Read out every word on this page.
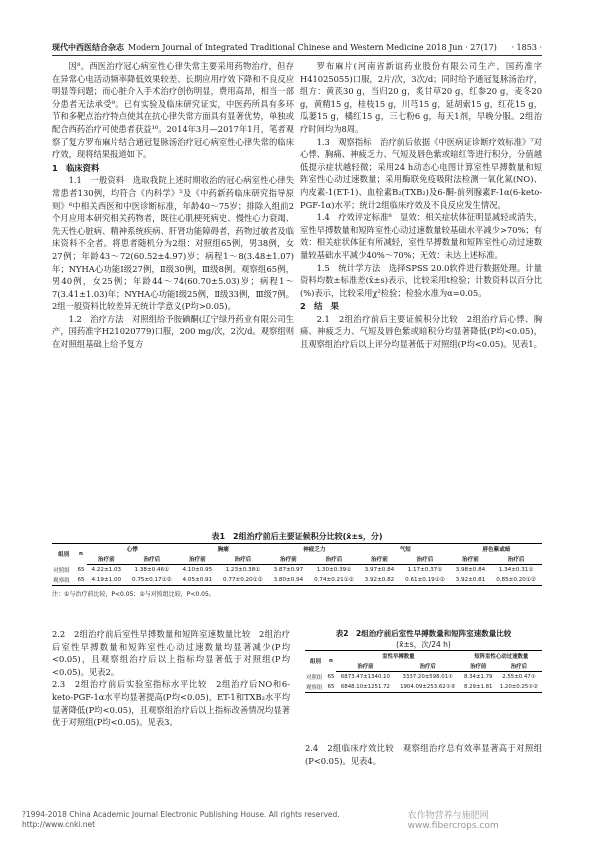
现代中西医结合杂志 Modern Journal of Integrated Traditional Chinese and Western Medicine 2018 Jun · 27(17)	· 1853 ·

因⁸。西医治疗冠心病室性心律失常主要采用药物治疗，但存在异常心电活动频率降低效果较差、长期应用疗效下降和不良反应明显等问题；而心脏介入手术治疗创伤明显，费用高昂，相当一部分患者无法承受⁹。已有实验及临床研究证实，中医药所具有多环节和多靶点治疗特点使其在抗心律失常方面具有显著优势，单独或配合西药治疗可使患者获益¹⁰。2014年3月—2017年1月，笔者观察了复方罗布麻片结合通冠复脉汤治疗冠心病室性心律失常的临床疗效，现将结果报道如下。

1　临床资料

1.1　一般资料　选取我院上述时期收治的冠心病室性心律失常患者130例，均符合《内科学》⁵及《中药新药临床研究指导原则》⁶中相关西医和中医诊断标准，年龄40～75岁；排除入组前2个月应用本研究相关药物者，既往心肌梗死病史、慢性心力衰竭、先天性心脏病、精神系统疾病、肝肾功能障碍者，药物过敏者及临床资料不全者。将患者随机分为2组：对照组65例，男38例，女27例；年龄43～72(60.52±4.97)岁；病程1～8(3.48±1.07)年；NYHA心功能Ⅰ级27例，Ⅱ级30例，Ⅲ级8例。观察组65例，男40例，女25例；年龄44～74(60.70±5.03)岁；病程1～7(3.41±1.03)年；NYHA心功能Ⅰ级25例，Ⅱ级33例，Ⅲ级7例。2组一般资料比较差异无统计学意义(P均>0.05)。

1.2　治疗方法　对照组给予胺碘酮(辽宁绿丹药业有限公司生产，国药准字H21020779)口服，200 mg/次，2次/d。观察组则在对照组基础上给予复方

罗布麻片(河南省新谊药业股份有限公司生产，国药准字H41025055)口服，2片/次，3次/d；同时给予通冠复脉汤治疗，组方：黄芪30 g，当归20 g，炙甘草20 g，红参20 g，麦冬20 g，黄精15 g，桂枝15 g，川芎15 g，延胡索15 g，红花15 g，瓜蒌15 g，橘红15 g，三七粉6 g，每天1剂，早晚分服。2组治疗时间均为8周。

1.3　观察指标　治疗前后依据《中医病证诊断疗效标准》⁷对心悸、胸痛、神疲乏力、气短及唇色紫或暗红等进行积分，分值越低提示症状越轻微；采用24 h动态心电图计算室性早搏数量和短阵室性心动过速数量；采用酶联免疫吸附法检测一氧化氮(NO)、内皮素-1(ET-1)、血栓素B₂(TXB₂)及6-酮-前列腺素F-1α(6-keto-PGF-1α)水平；统计2组临床疗效及不良反应发生情况。

1.4　疗效评定标准⁸　显效：相关症状体征明显减轻或消失，室性早搏数量和短阵室性心动过速数量较基础水平减少>70%；有效：相关症状体征有所减轻，室性早搏数量和短阵室性心动过速数量较基础水平减少40%～70%；无效：未达上述标准。

1.5　统计学方法　选择SPSS 20.0软件进行数据处理。计量资料均数±标准差(x̄±s)表示，比较采用t检验；计数资料以百分比(%)表示，比较采用χ²检验；检验水准为α=0.05。

2　结　果

2.1　2组治疗前后主要证候积分比较　2组治疗后心悸、胸痛、神疲乏力、气短及唇色紫或暗积分均显著降低(P均<0.05)，且观察组治疗后以上评分均显著低于对照组(P均<0.05)。见表1。

表1　2组治疗前后主要证候积分比较(x̄±s，分)
组别	n	心悸		胸痛		神疲乏力		气短		唇色紫或暗	
		治疗前	治疗后	治疗前	治疗后	治疗前	治疗后	治疗前	治疗后	治疗前	治疗后
对照组	65	4.22±1.03	1.38±0.46①	4.10±0.95	1.23±0.38①	3.87±0.97	1.30±0.39①	3.97±0.84	1.17±0.37①	3.98±0.84	1.34±0.31①
观察组	65	4.19±1.00	0.75±0.17①②	4.05±0.91	0.77±0.20①②	3.80±0.94	0.74±0.21①②	3.92±0.82	0.61±0.19①②	3.92±0.81	0.85±0.20①②
注：①与治疗前比较，P<0.05；②与对照组比较，P<0.05。

2.2　2组治疗前后室性早搏数量和短阵室速数量比较　2组治疗后室性早搏数量和短阵室性心动过速数量均显著减少(P均<0.05)，且观察组治疗后以上指标均显著低于对照组(P均<0.05)。见表2。

2.3　2组治疗前后实验室指标水平比较　2组治疗后NO和6-keto-PGF-1α水平均显著提高(P均<0.05)，ET-1和TXB₂水平均显著降低(P均<0.05)，且观察组治疗后以上指标改善情况均显著优于对照组(P均<0.05)。见表3。

表2　2组治疗前后室性早搏数量和短阵室速数量比较
(x̄±s，次/24 h)
组别	n	室性早搏数量		短阵室性心动过速数量	
		治疗前	治疗后	治疗前	治疗后
对照组	65	6873.47±1340.10	3337.20±598.01①	8.34±1.79	2.55±0.47①
观察组	65	6848.10±1251.72	1904.09±253.62①②	8.29±1.81	1.20±0.25①②

2.4　2组临床疗效比较　观察组治疗总有效率显著高于对照组(P<0.05)。见表4。

?1994-2018 China Academic Journal Electronic Publishing House. All rights reserved.　http://www.cnki.net
农作物营养与施肥网 www.fibercrops.com
